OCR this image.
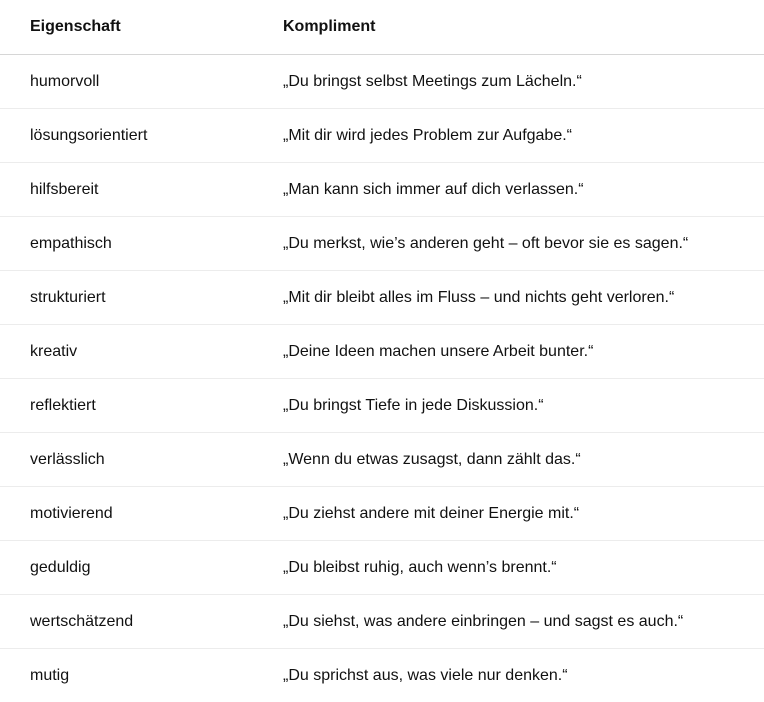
Eigenschaft	Kompliment
humorvoll	„Du bringst selbst Meetings zum Lächeln.“
lösungsorientiert	„Mit dir wird jedes Problem zur Aufgabe.“
hilfsbereit	„Man kann sich immer auf dich verlassen.“
empathisch	„Du merkst, wie’s anderen geht – oft bevor sie es sagen.“
strukturiert	„Mit dir bleibt alles im Fluss – und nichts geht verloren.“
kreativ	„Deine Ideen machen unsere Arbeit bunter.“
reflektiert	„Du bringst Tiefe in jede Diskussion.“
verlässlich	„Wenn du etwas zusagst, dann zählt das.“
motivierend	„Du ziehst andere mit deiner Energie mit.“
geduldig	„Du bleibst ruhig, auch wenn’s brennt.“
wertschätzend	„Du siehst, was andere einbringen – und sagst es auch.“
mutig	„Du sprichst aus, was viele nur denken.“
